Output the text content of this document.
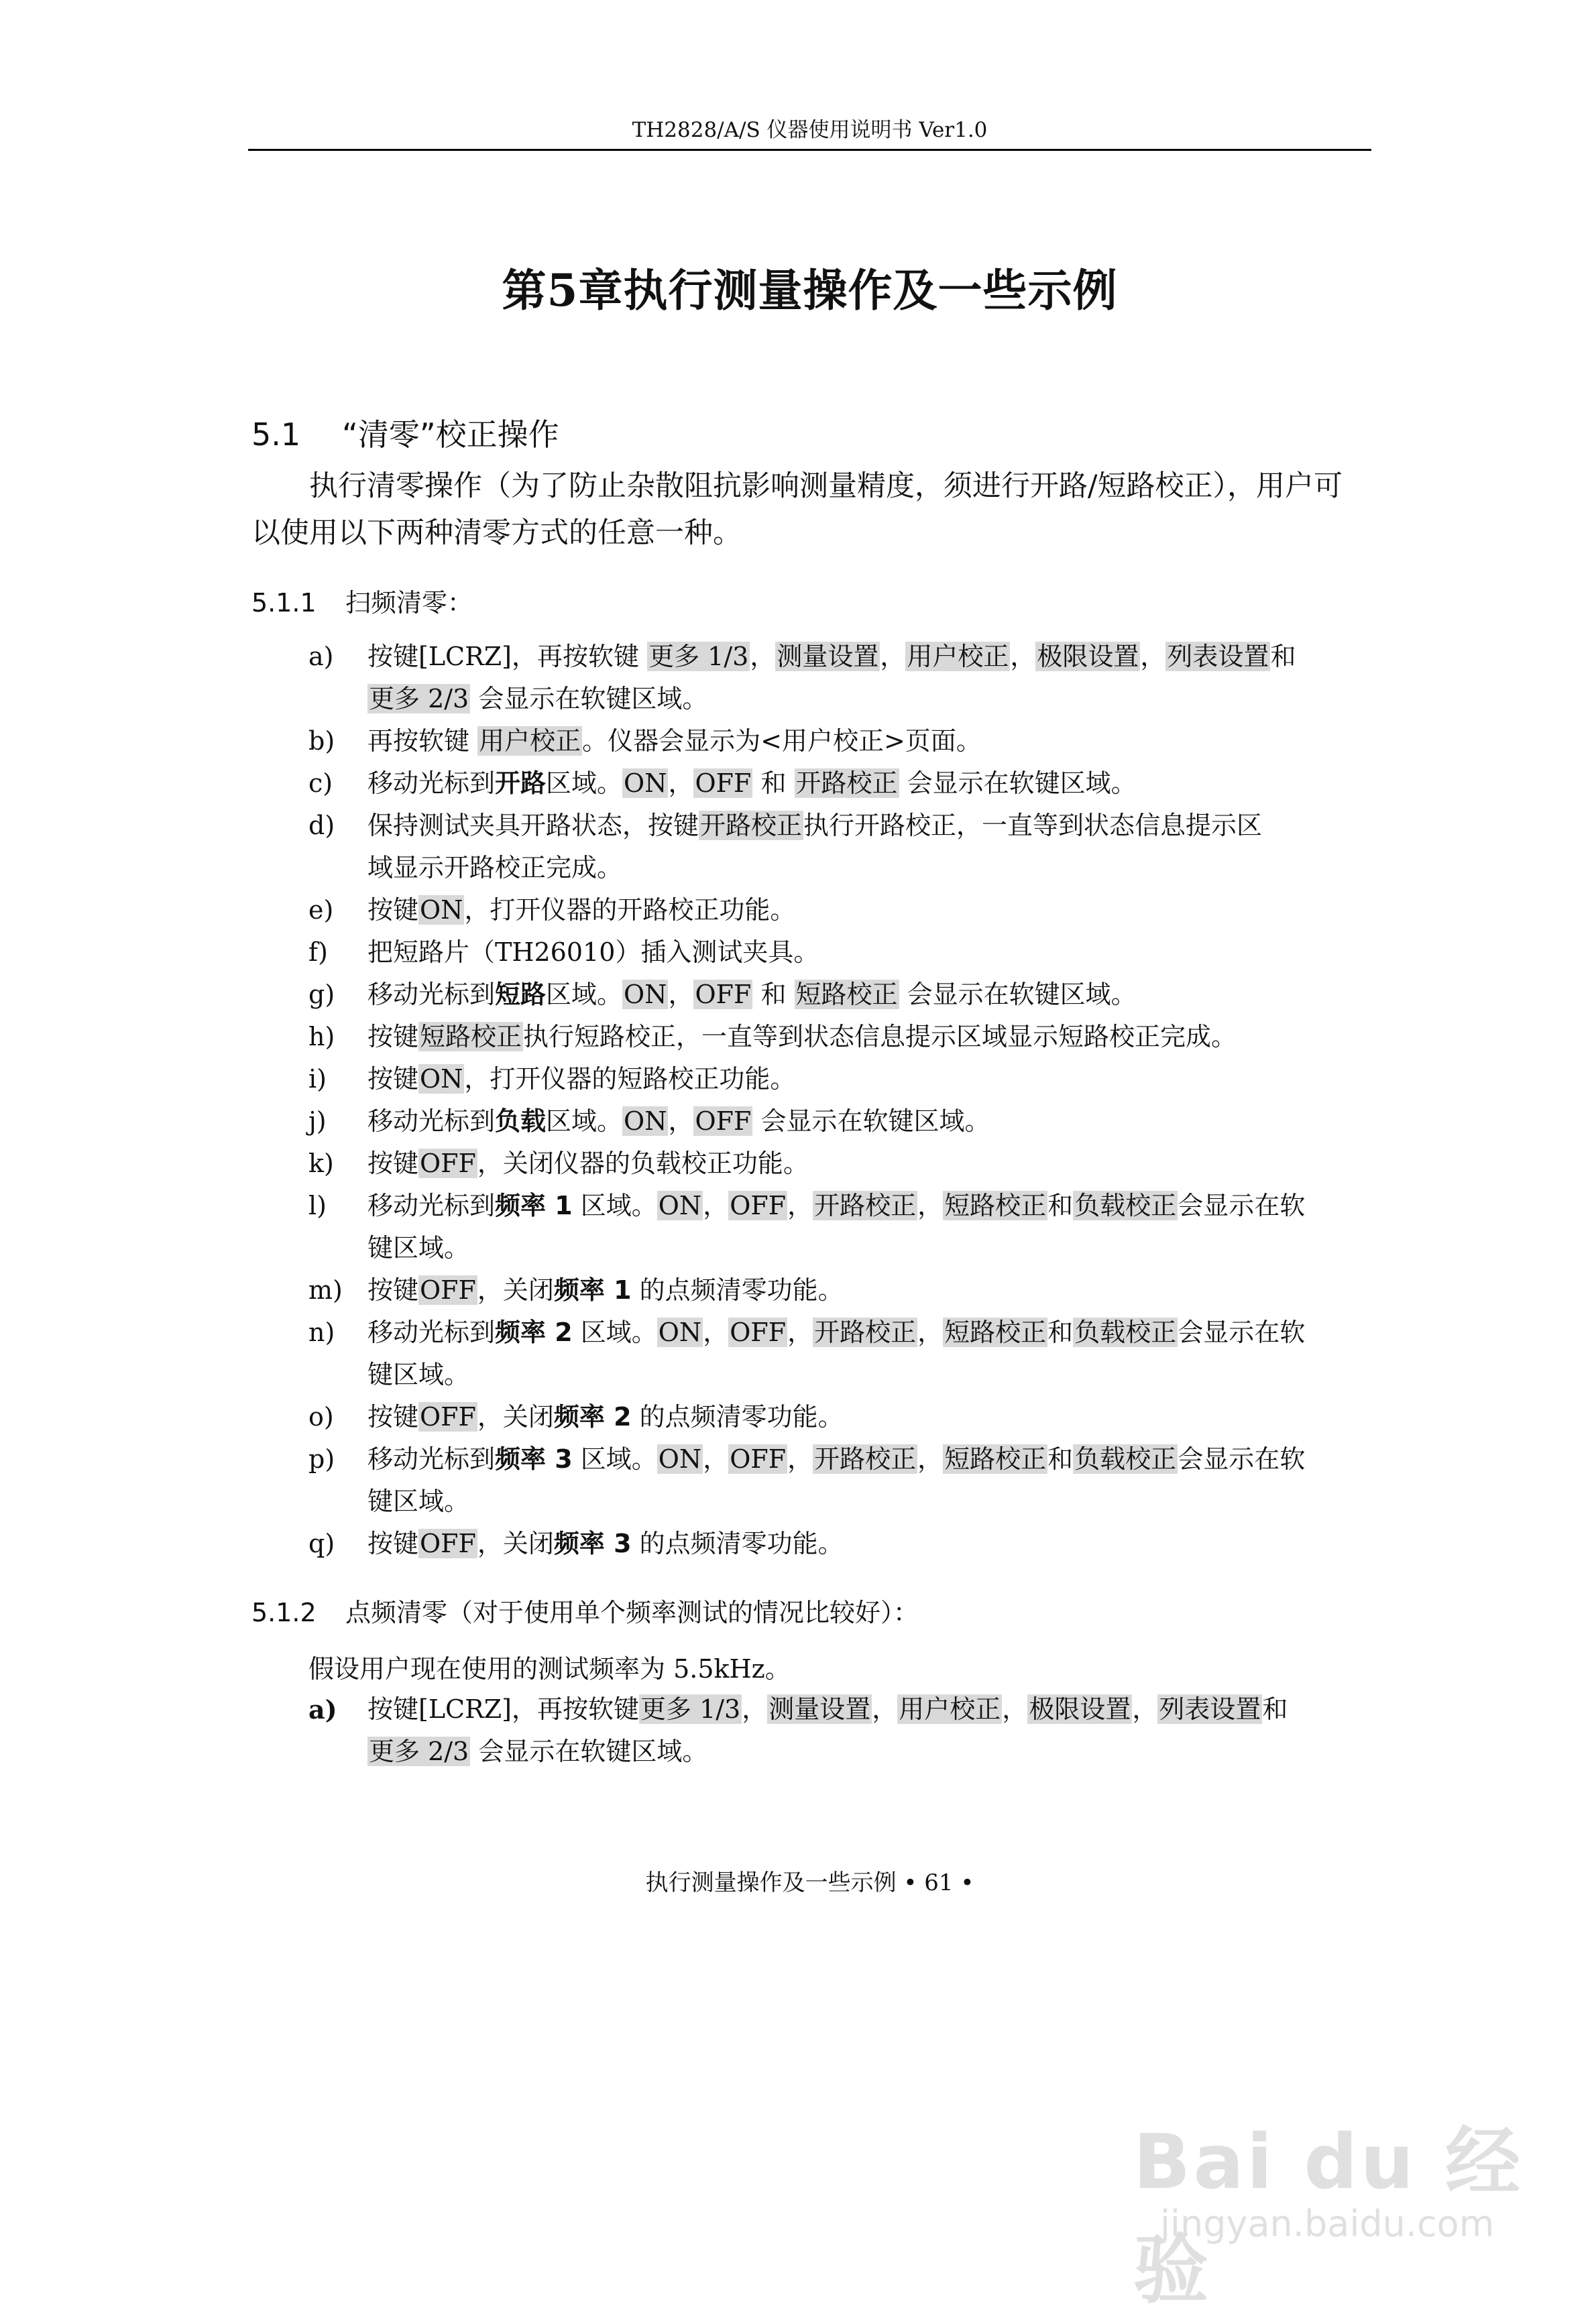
TH2828/A/S 仪器使用说明书 Ver1.0
第5章执行测量操作及一些示例
5.1 “清零”校正操作
执行清零操作（为了防止杂散阻抗影响测量精度，须进行开路/短路校正），用户可以使用以下两种清零方式的任意一种。
5.1.1 扫频清零：
a) 按键[LCRZ]，再按软键 更多 1/3，测量设置，用户校正，极限设置，列表设置和
更多 2/3 会显示在软键区域。
b) 再按软键 用户校正。仪器会显示为<用户校正>页面。
c) 移动光标到开路区域。ON，OFF 和 开路校正 会显示在软键区域。
d) 保持测试夹具开路状态，按键开路校正执行开路校正，一直等到状态信息提示区
域显示开路校正完成。
e) 按键ON，打开仪器的开路校正功能。
f) 把短路片（TH26010）插入测试夹具。
g) 移动光标到短路区域。ON，OFF 和 短路校正 会显示在软键区域。
h) 按键短路校正执行短路校正，一直等到状态信息提示区域显示短路校正完成。
i) 按键ON，打开仪器的短路校正功能。
j) 移动光标到负载区域。ON，OFF 会显示在软键区域。
k) 按键OFF，关闭仪器的负载校正功能。
l) 移动光标到频率 1 区域。ON，OFF，开路校正，短路校正和负载校正会显示在软
键区域。
m) 按键OFF，关闭频率 1 的点频清零功能。
n) 移动光标到频率 2 区域。ON，OFF，开路校正，短路校正和负载校正会显示在软
键区域。
o) 按键OFF，关闭频率 2 的点频清零功能。
p) 移动光标到频率 3 区域。ON，OFF，开路校正，短路校正和负载校正会显示在软
键区域。
q) 按键OFF，关闭频率 3 的点频清零功能。
5.1.2 点频清零（对于使用单个频率测试的情况比较好）：
假设用户现在使用的测试频率为 5.5kHz。
a) 按键[LCRZ]，再按软键更多 1/3，测量设置，用户校正，极限设置，列表设置和
更多 2/3 会显示在软键区域。
执行测量操作及一些示例 • 61 •
Bai du 经验
jingyan.baidu.com
